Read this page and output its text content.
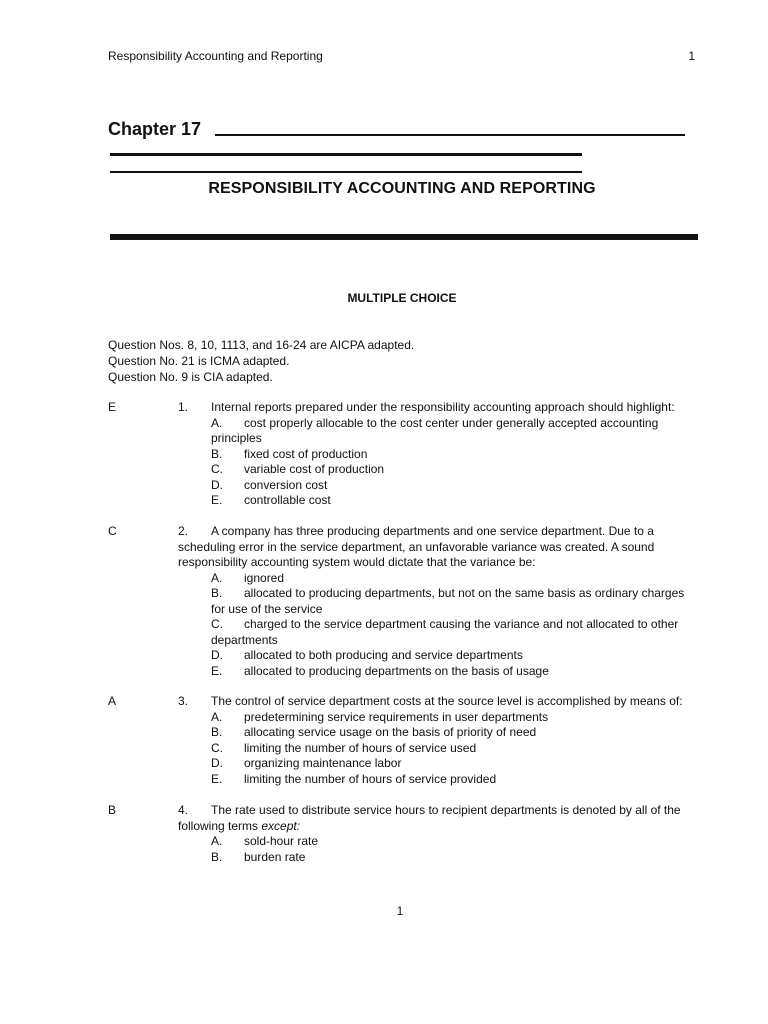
Responsibility Accounting and Reporting	1
Chapter 17
RESPONSIBILITY ACCOUNTING AND REPORTING
MULTIPLE CHOICE
Question Nos. 8, 10, 1113, and 16-24 are AICPA adapted.
Question No. 21 is ICMA adapted.
Question No. 9 is CIA adapted.
E	1.	Internal reports prepared under the responsibility accounting approach should highlight:
A. cost properly allocable to the cost center under generally accepted accounting principles
B. fixed cost of production
C. variable cost of production
D. conversion cost
E. controllable cost
C	2.	A company has three producing departments and one service department. Due to a scheduling error in the service department, an unfavorable variance was created. A sound responsibility accounting system would dictate that the variance be:
A. ignored
B. allocated to producing departments, but not on the same basis as ordinary charges for use of the service
C. charged to the service department causing the variance and not allocated to other departments
D. allocated to both producing and service departments
E. allocated to producing departments on the basis of usage
A	3.	The control of service department costs at the source level is accomplished by means of:
A. predetermining service requirements in user departments
B. allocating service usage on the basis of priority of need
C. limiting the number of hours of service used
D. organizing maintenance labor
E. limiting the number of hours of service provided
B	4.	The rate used to distribute service hours to recipient departments is denoted by all of the following terms except:
A. sold-hour rate
B. burden rate
1
